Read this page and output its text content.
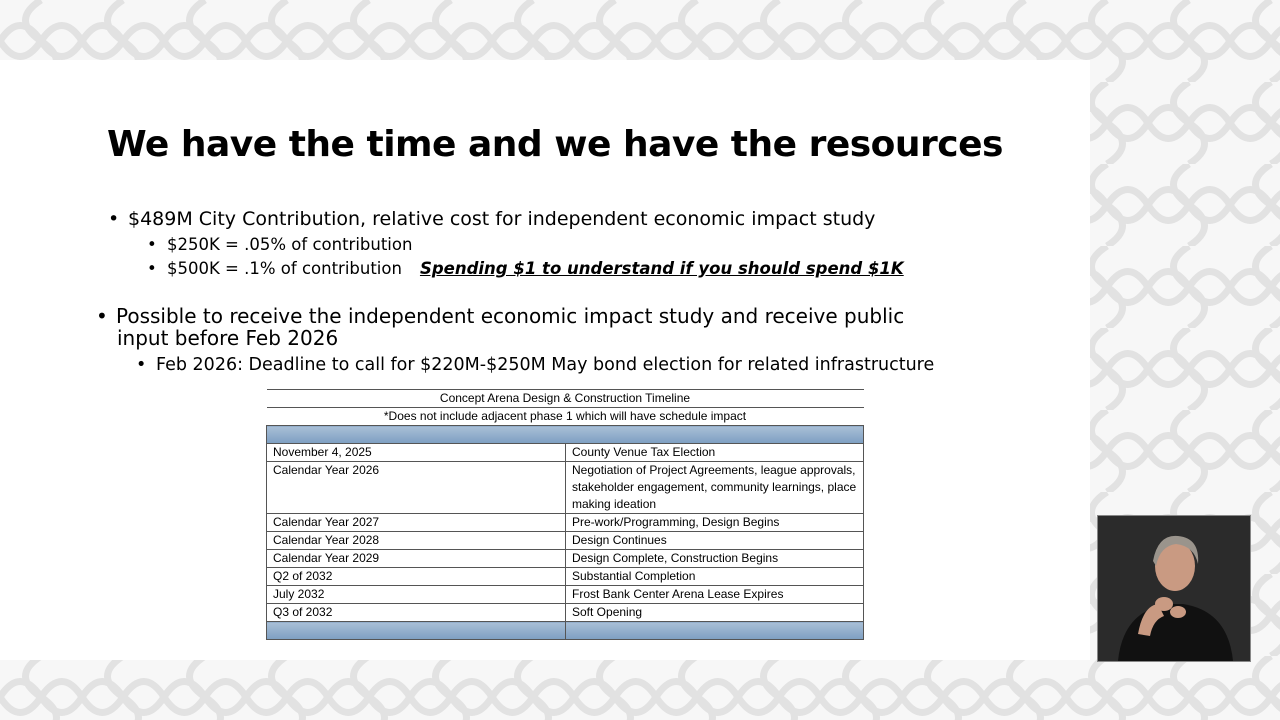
We have the time and we have the resources
• $489M City Contribution, relative cost for independent economic impact study
• $250K = .05% of contribution
• $500K = .1% of contribution Spending $1 to understand if you should spend $1K
• Possible to receive the independent economic impact study and receive public
input before Feb 2026
• Feb 2026: Deadline to call for $220M-$250M May bond election for related infrastructure
Concept Arena Design & Construction Timeline	
*Does not include adjacent phase 1 which will have schedule impact	

November 4, 2025	County Venue Tax Election
Calendar Year 2026	Negotiation of Project Agreements, league approvals, stakeholder engagement, community learnings, place making ideation
Calendar Year 2027	Pre-work/Programming, Design Begins
Calendar Year 2028	Design Continues
Calendar Year 2029	Design Complete, Construction Begins
Q2 of 2032	Substantial Completion
July 2032	Frost Bank Center Arena Lease Expires
Q3 of 2032	Soft Opening
